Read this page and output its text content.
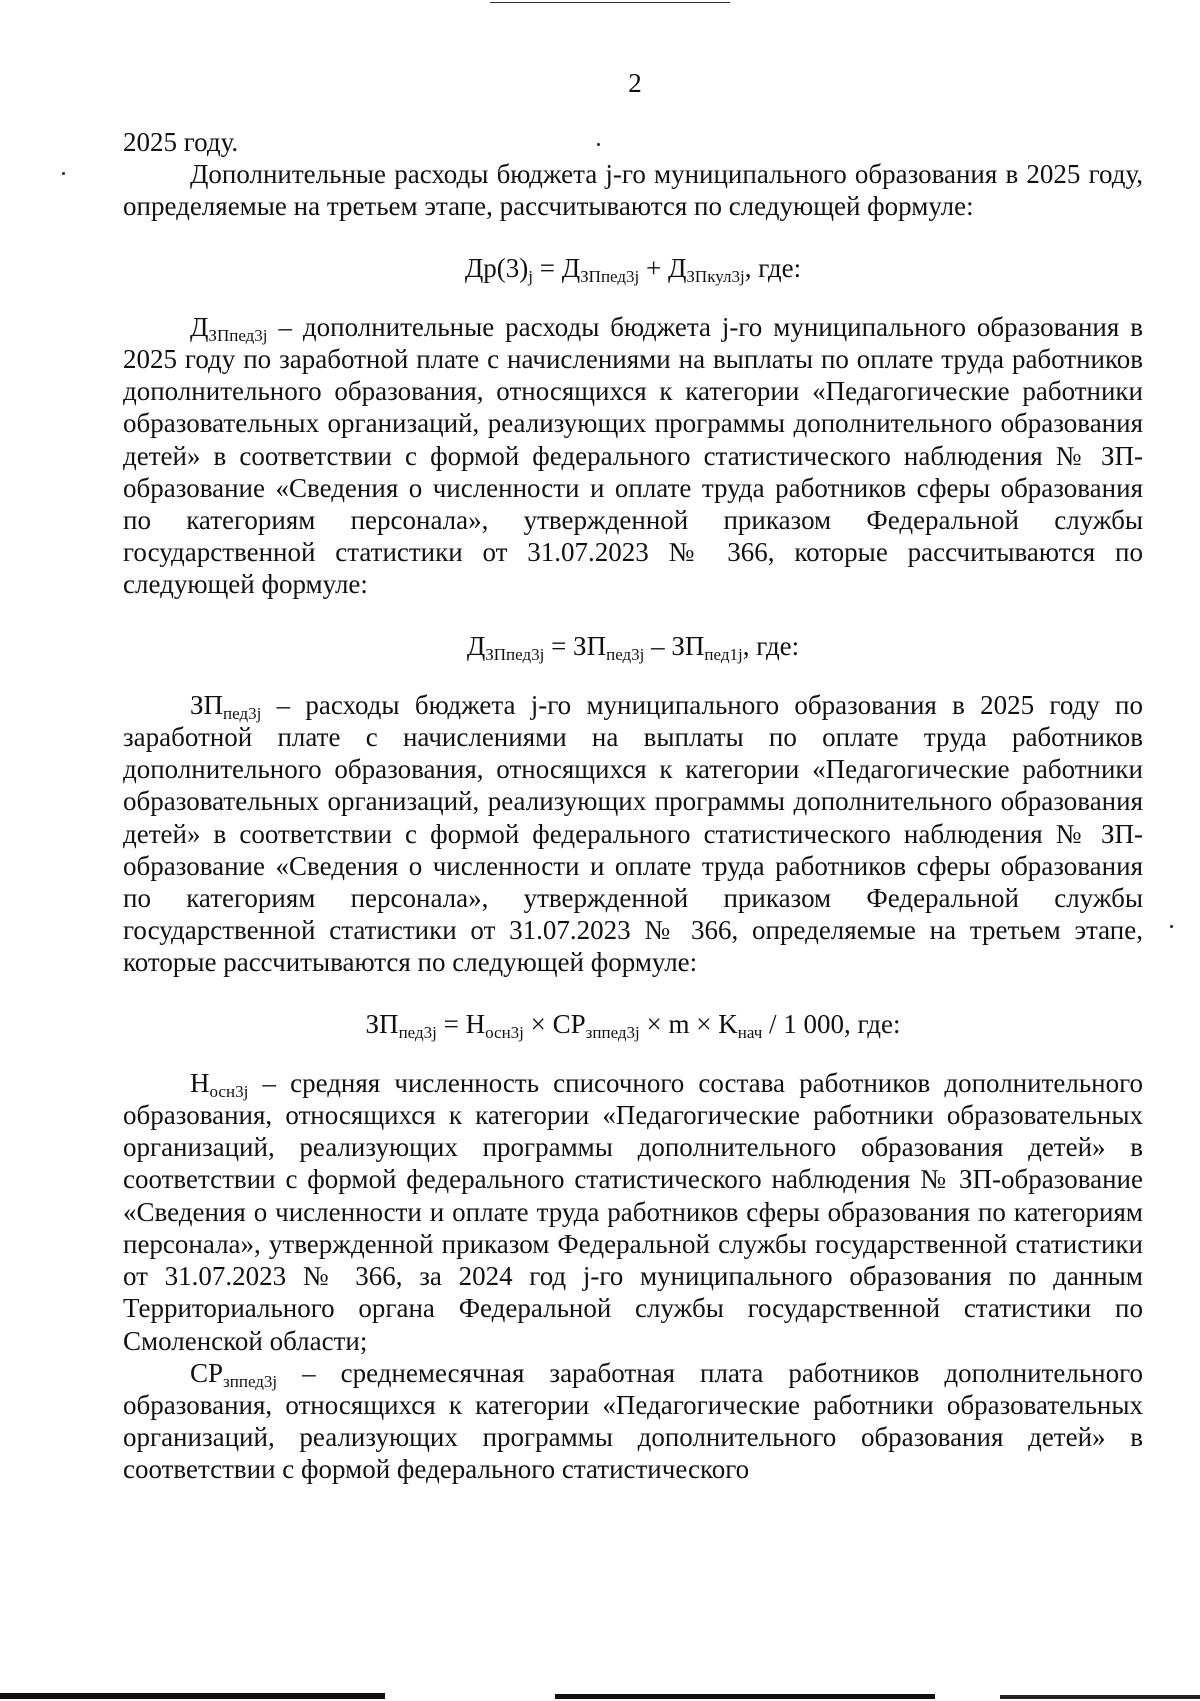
2

2025 году.

Дополнительные расходы бюджета j-го муниципального образования в 2025 году, определяемые на третьем этапе, рассчитываются по следующей формуле:

$Др(3)_j = Д_{ЗПпед3j} + Д_{ЗПкул3j}$, где:

$Д_{ЗПпед3j}$ – дополнительные расходы бюджета j-го муниципального образования в 2025 году по заработной плате с начислениями на выплаты по оплате труда работников дополнительного образования, относящихся к категории «Педагогические работники образовательных организаций, реализующих программы дополнительного образования детей» в соответствии с формой федерального статистического наблюдения № ЗП-образование «Сведения о численности и оплате труда работников сферы образования по категориям персонала», утвержденной приказом Федеральной службы государственной статистики от 31.07.2023 № 366, которые рассчитываются по следующей формуле:

$Д_{ЗПпед3j} = ЗП_{пед3j} - ЗП_{пед1j}$, где:

$ЗП_{пед3j}$ – расходы бюджета j-го муниципального образования в 2025 году по заработной плате с начислениями на выплаты по оплате труда работников дополнительного образования, относящихся к категории «Педагогические работники образовательных организаций, реализующих программы дополнительного образования детей» в соответствии с формой федерального статистического наблюдения № ЗП-образование «Сведения о численности и оплате труда работников сферы образования по категориям персонала», утвержденной приказом Федеральной службы государственной статистики от 31.07.2023 № 366, определяемые на третьем этапе, которые рассчитываются по следующей формуле:

$ЗП_{пед3j} = Н_{осн3j} \times СР_{зппед3j} \times m \times K_{нач} / 1$ 000, где:

$Н_{осн3j}$ – средняя численность списочного состава работников дополнительного образования, относящихся к категории «Педагогические работники образовательных организаций, реализующих программы дополнительного образования детей» в соответствии с формой федерального статистического наблюдения № ЗП-образование «Сведения о численности и оплате труда работников сферы образования по категориям персонала», утвержденной приказом Федеральной службы государственной статистики от 31.07.2023 № 366, за 2024 год j-го муниципального образования по данным Территориального органа Федеральной службы государственной статистики по Смоленской области;

$СР_{зппед3j}$ – среднемесячная заработная плата работников дополнительного образования, относящихся к категории «Педагогические работники образовательных организаций, реализующих программы дополнительного образования детей» в соответствии с формой федерального статистического
